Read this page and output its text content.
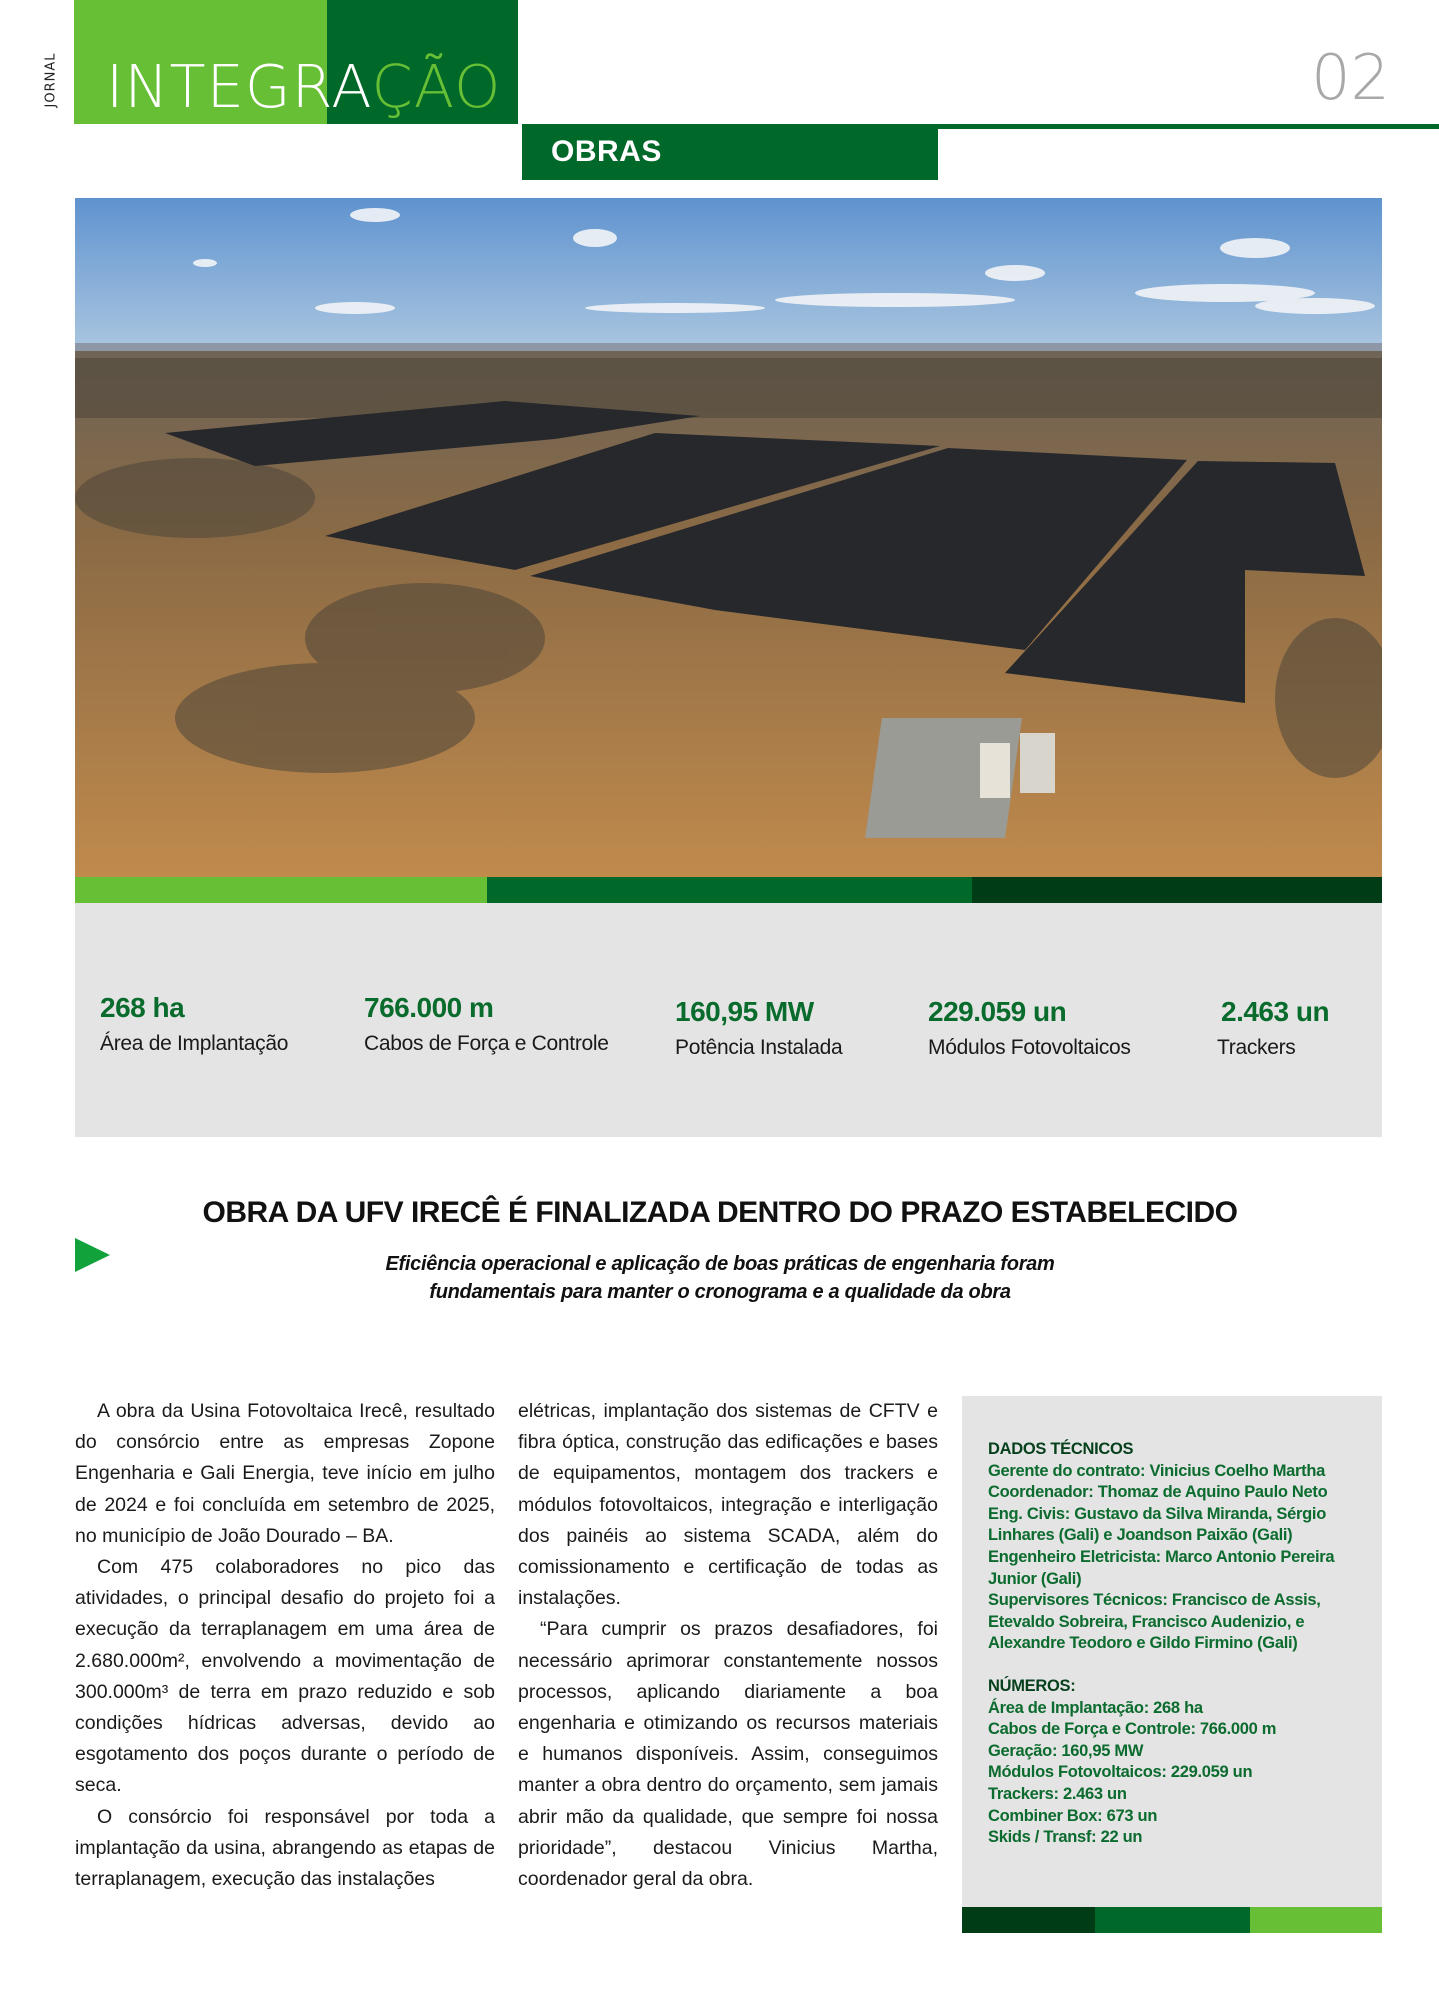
JORNAL INTEGRAÇÃO	02
OBRAS
268 ha
Área de Implantação
766.000 m
Cabos de Força e Controle
160,95 MW
Potência Instalada
229.059 un
Módulos Fotovoltaicos
2.463 un
Trackers
OBRA DA UFV IRECÊ É FINALIZADA DENTRO DO PRAZO ESTABELECIDO
Eficiência operacional e aplicação de boas práticas de engenharia foram
fundamentais para manter o cronograma e a qualidade da obra

A obra da Usina Fotovoltaica Irecê, resultado do consórcio entre as empresas Zopone Engenharia e Gali Energia, teve início em julho de 2024 e foi concluída em setembro de 2025, no município de João Dourado – BA.

Com 475 colaboradores no pico das atividades, o principal desafio do projeto foi a execução da terraplanagem em uma área de 2.680.000m², envolvendo a movimentação de 300.000m³ de terra em prazo reduzido e sob condições hídricas adversas, devido ao esgotamento dos poços durante o período de seca.

O consórcio foi responsável por toda a implantação da usina, abrangendo as etapas de terraplanagem, execução das instalações

elétricas, implantação dos sistemas de CFTV e fibra óptica, construção das edificações e bases de equipamentos, montagem dos trackers e módulos fotovoltaicos, integração e interligação dos painéis ao sistema SCADA, além do comissionamento e certificação de todas as instalações.

“Para cumprir os prazos desafiadores, foi necessário aprimorar constantemente nossos processos, aplicando diariamente a boa engenharia e otimizando os recursos materiais e humanos disponíveis. Assim, conseguimos manter a obra dentro do orçamento, sem jamais abrir mão da qualidade, que sempre foi nossa prioridade”, destacou Vinicius Martha, coordenador geral da obra.

DADOS TÉCNICOS
Gerente do contrato: Vinicius Coelho Martha
Coordenador: Thomaz de Aquino Paulo Neto
Eng. Civis: Gustavo da Silva Miranda, Sérgio Linhares (Gali) e Joandson Paixão (Gali)
Engenheiro Eletricista: Marco Antonio Pereira Junior (Gali)
Supervisores Técnicos: Francisco de Assis, Etevaldo Sobreira, Francisco Audenizio, e Alexandre Teodoro e Gildo Firmino (Gali)
NÚMEROS:
Área de Implantação: 268 ha
Cabos de Força e Controle: 766.000 m
Geração: 160,95 MW
Módulos Fotovoltaicos: 229.059 un
Trackers: 2.463 un
Combiner Box: 673 un
Skids / Transf: 22 un
